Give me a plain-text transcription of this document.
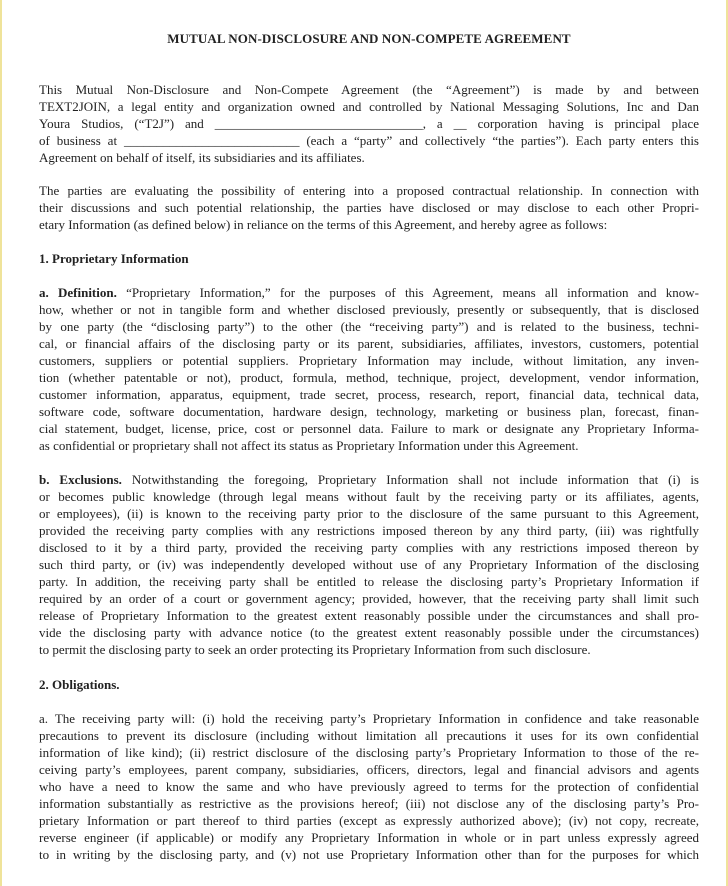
MUTUAL NON-DISCLOSURE AND NON-COMPETE AGREEMENT
This Mutual Non-Disclosure and Non-Compete Agreement (the “Agreement”) is made by and between
TEXT2JOIN, a legal entity and organization owned and controlled by National Messaging Solutions, Inc and Dan
Youra Studios, (“T2J”) and ________________________________, a __ corporation having is principal place
of business at ___________________________ (each a “party” and collectively “the parties”). Each party enters this
Agreement on behalf of itself, its subsidiaries and its affiliates.
The parties are evaluating the possibility of entering into a proposed contractual relationship. In connection with
their discussions and such potential relationship, the parties have disclosed or may disclose to each other Propri-
etary Information (as defined below) in reliance on the terms of this Agreement, and hereby agree as follows:
1. Proprietary Information
a. Definition. “Proprietary Information,” for the purposes of this Agreement, means all information and know-
how, whether or not in tangible form and whether disclosed previously, presently or subsequently, that is disclosed
by one party (the “disclosing party”) to the other (the “receiving party”) and is related to the business, techni-
cal, or financial affairs of the disclosing party or its parent, subsidiaries, affiliates, investors, customers, potential
customers, suppliers or potential suppliers. Proprietary Information may include, without limitation, any inven-
tion (whether patentable or not), product, formula, method, technique, project, development, vendor information,
customer information, apparatus, equipment, trade secret, process, research, report, financial data, technical data,
software code, software documentation, hardware design, technology, marketing or business plan, forecast, finan-
cial statement, budget, license, price, cost or personnel data. Failure to mark or designate any Proprietary Informa-
as confidential or proprietary shall not affect its status as Proprietary Information under this Agreement.
b. Exclusions. Notwithstanding the foregoing, Proprietary Information shall not include information that (i) is
or becomes public knowledge (through legal means without fault by the receiving party or its affiliates, agents,
or employees), (ii) is known to the receiving party prior to the disclosure of the same pursuant to this Agreement,
provided the receiving party complies with any restrictions imposed thereon by any third party, (iii) was rightfully
disclosed to it by a third party, provided the receiving party complies with any restrictions imposed thereon by
such third party, or (iv) was independently developed without use of any Proprietary Information of the disclosing
party. In addition, the receiving party shall be entitled to release the disclosing party’s Proprietary Information if
required by an order of a court or government agency; provided, however, that the receiving party shall limit such
release of Proprietary Information to the greatest extent reasonably possible under the circumstances and shall pro-
vide the disclosing party with advance notice (to the greatest extent reasonably possible under the circumstances)
to permit the disclosing party to seek an order protecting its Proprietary Information from such disclosure.
2. Obligations.
a. The receiving party will: (i) hold the receiving party’s Proprietary Information in confidence and take reasonable
precautions to prevent its disclosure (including without limitation all precautions it uses for its own confidential
information of like kind); (ii) restrict disclosure of the disclosing party’s Proprietary Information to those of the re-
ceiving party’s employees, parent company, subsidiaries, officers, directors, legal and financial advisors and agents
who have a need to know the same and who have previously agreed to terms for the protection of confidential
information substantially as restrictive as the provisions hereof; (iii) not disclose any of the disclosing party’s Pro-
prietary Information or part thereof to third parties (except as expressly authorized above); (iv) not copy, recreate,
reverse engineer (if applicable) or modify any Proprietary Information in whole or in part unless expressly agreed
to in writing by the disclosing party, and (v) not use Proprietary Information other than for the purposes for which
